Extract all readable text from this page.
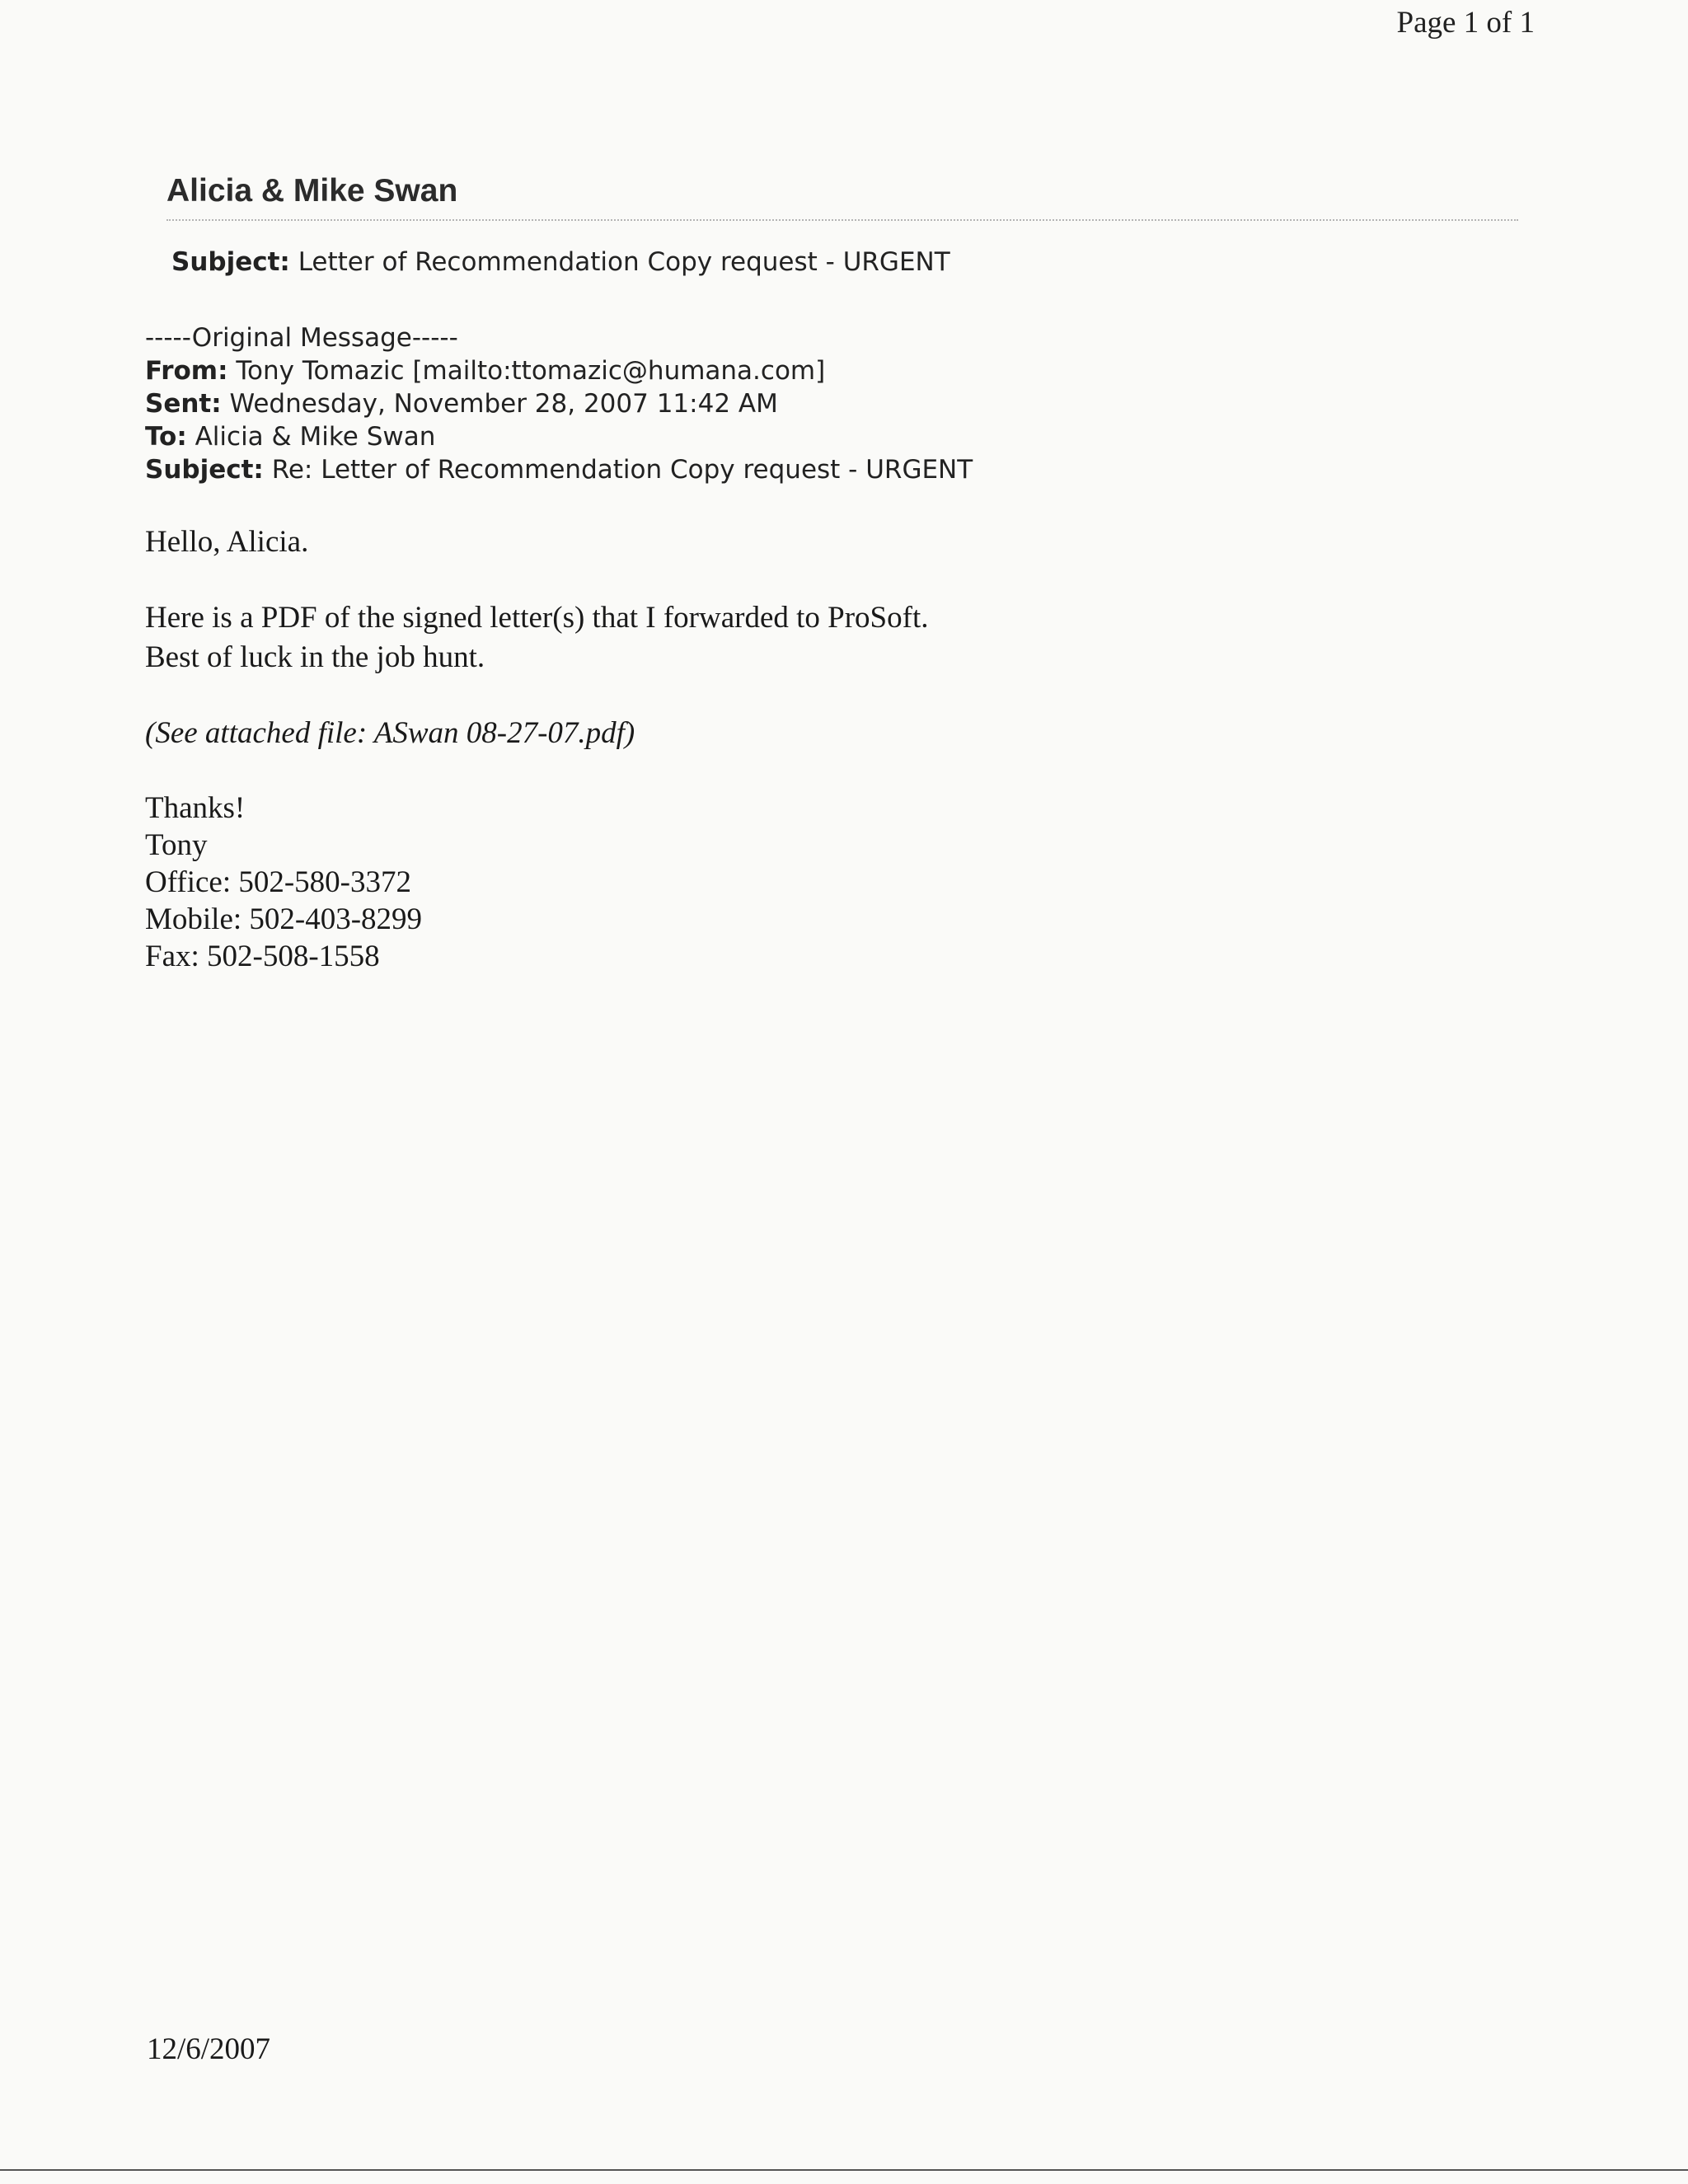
Page 1 of 1
Alicia & Mike Swan
Subject: Letter of Recommendation Copy request - URGENT
-----Original Message-----
From: Tony Tomazic [mailto:ttomazic@humana.com]
Sent: Wednesday, November 28, 2007 11:42 AM
To: Alicia & Mike Swan
Subject: Re: Letter of Recommendation Copy request - URGENT

Hello, Alicia.

Here is a PDF of the signed letter(s) that I forwarded to ProSoft.
Best of luck in the job hunt.

(See attached file: ASwan 08-27-07.pdf)

Thanks!
Tony
Office: 502-580-3372
Mobile: 502-403-8299
Fax: 502-508-1558
12/6/2007
